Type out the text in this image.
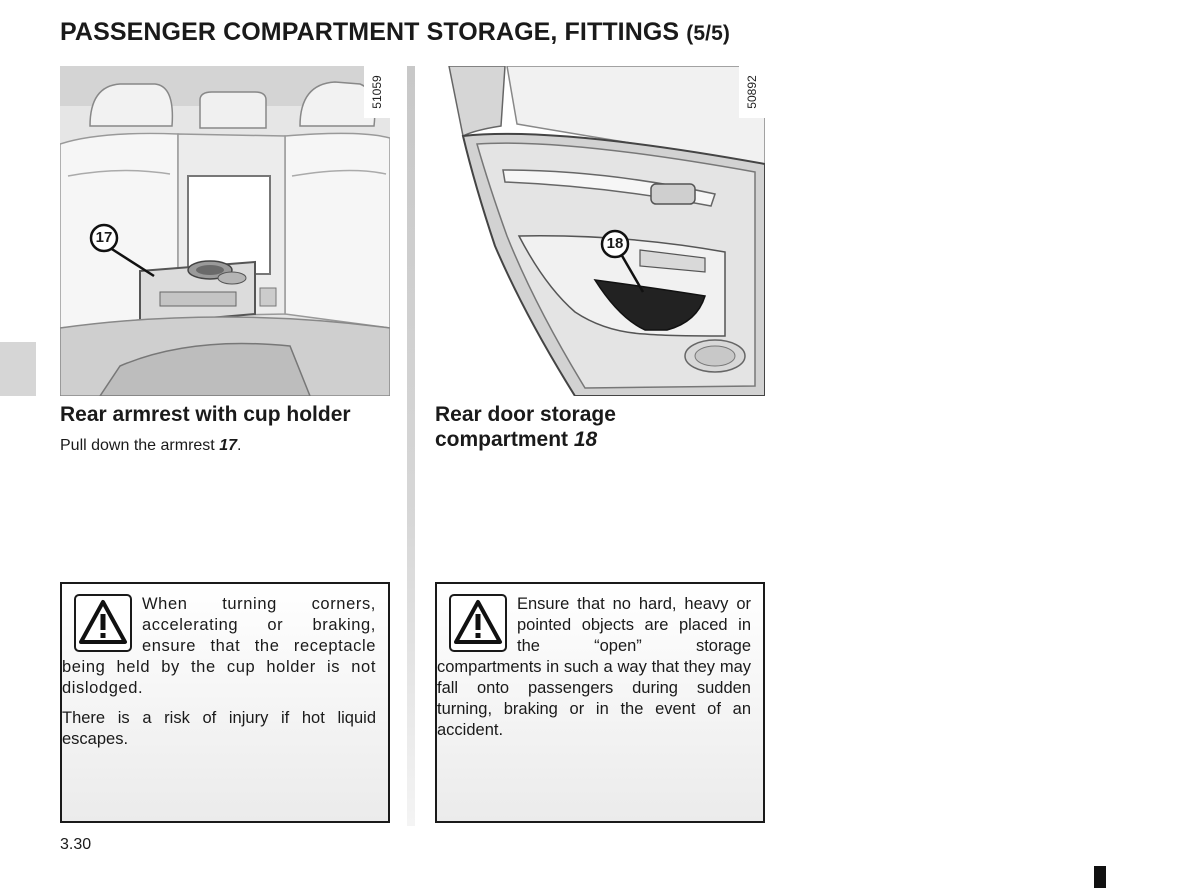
PASSENGER COMPARTMENT STORAGE, FITTINGS (5/5)
51059
17
50892
18
Rear armrest with cup holder

Pull down the armrest 17.

Rear door storage
compartment 18

When turning corners, accelerating or braking, ensure that the receptacle being held by the cup holder is not dislodged.

There is a risk of injury if hot liquid escapes.

Ensure that no hard, heavy or pointed objects are placed in the “open” storage compartments in such a way that they may fall onto passengers during sudden turning, braking or in the event of an accident.

3.30
